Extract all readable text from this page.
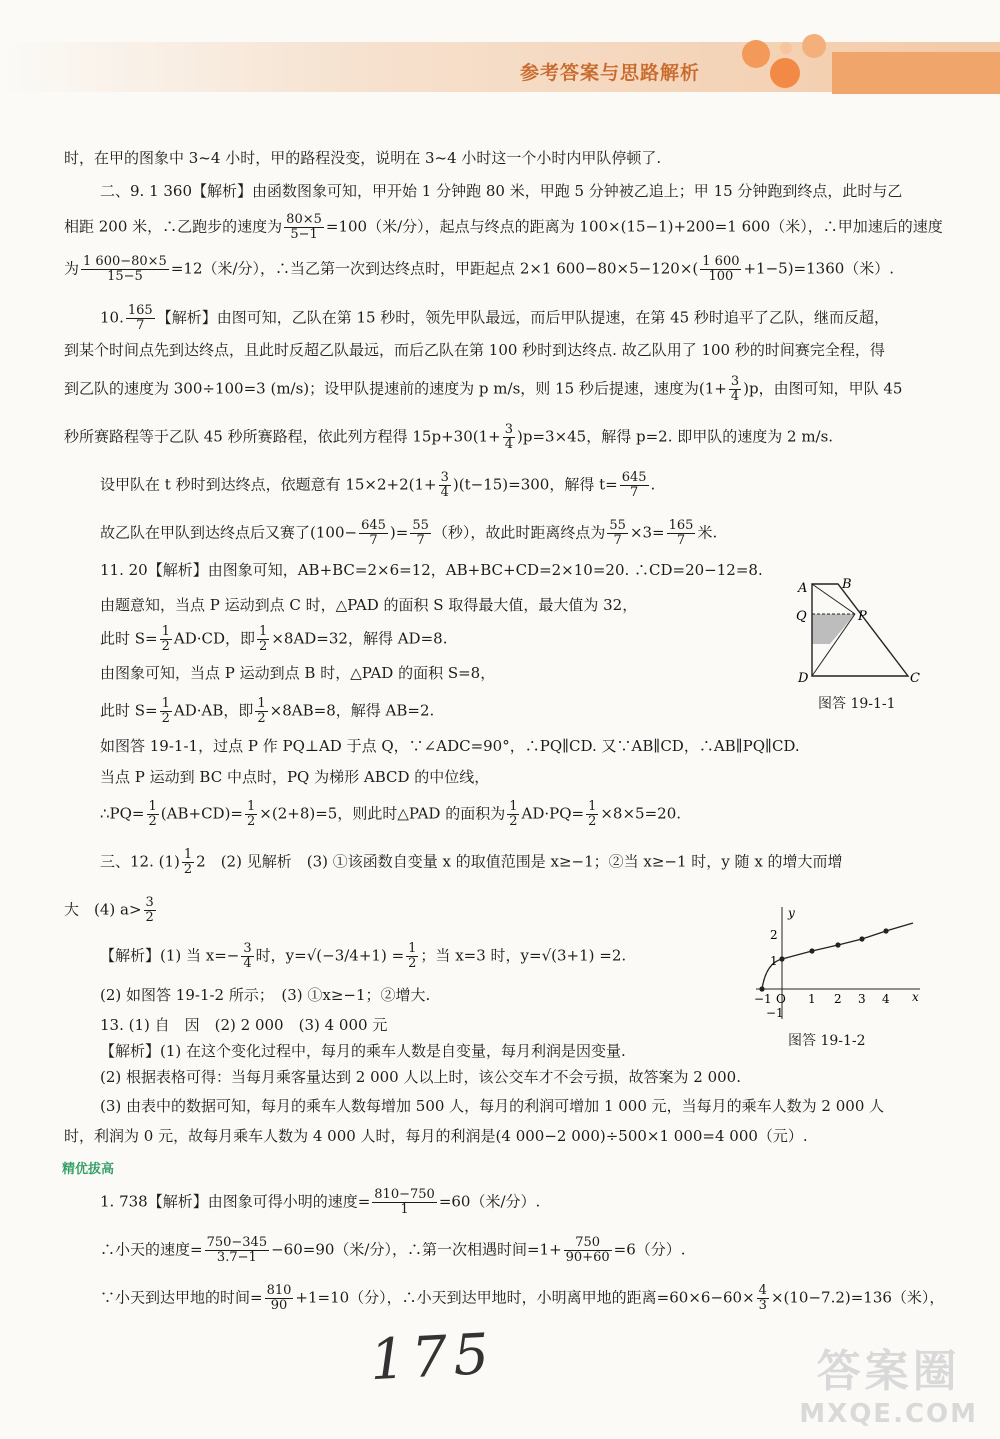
参考答案与思路解析
时，在甲的图象中 3~4 小时，甲的路程没变，说明在 3~4 小时这一个小时内甲队停顿了.
二、9. 1 360【解析】由函数图象可知，甲开始 1 分钟跑 80 米，甲跑 5 分钟被乙追上；甲 15 分钟跑到终点，此时与乙
相距 200 米，∴乙跑步的速度为 $\frac{80\times 5}{5-1} =100$（米/分），起点与终点的距离为 100×(15−1)+200=1 600（米），∴甲加速后的速度
为 $\frac{1 600-80\times 5}{15-5} =12$（米/分），∴当乙第一次到达终点时，甲距起点 2×1 $600-80\times 5-120\times( \frac{1 600}{100} +1-5)=1360$（米）.
10. $\frac{165}{7}$ 【解析】由图可知，乙队在第 15 秒时，领先甲队最远，而后甲队提速，在第 45 秒时追平了乙队，继而反超，
到某个时间点先到达终点，且此时反超乙队最远，而后乙队在第 100 秒时到达终点. 故乙队用了 100 秒的时间赛完全程，得
到乙队的速度为 300÷100=3 (m/s)；设甲队提速前的速度为 p m/s，则 15 秒后提速，速度为$(1+ \frac{3}{4} )p$，由图可知，甲队 45
秒所赛路程等于乙队 45 秒所赛路程，依此列方程得 $15p+30(1+ \frac{3}{4} )p=3\times 45$，解得 p=2. 即甲队的速度为 2 m/s.
设甲队在 t 秒时到达终点，依题意有 $15\times 2+2(1+ \frac{3}{4} )(t-15)=300$，解得 $t= \frac{645}{7}$ .
故乙队在甲队到达终点后又赛了($100- \frac{645}{7}$ )= $\frac{55}{7}$ （秒），故此时距离终点为 $\frac{55}{7} \times 3= \frac{165}{7}$ 米.
11. 20【解析】由图象可知，AB+BC=2×6=12，AB+BC+CD=2×10=20. ∴CD=20−12=8.
由题意知，当点 P 运动到点 C 时，△PAD 的面积 S 取得最大值，最大值为 32，
此时 $S= \frac{1}{2} AD\cdot CD$，即 $\frac{1}{2} \times 8AD=32$，解得 AD=8.
由图象可知，当点 P 运动到点 B 时，△PAD 的面积 S=8，
此时 $S= \frac{1}{2} AD\cdot AB$，即 $\frac{1}{2} \times 8AB=8$，解得 AB=2.
如图答 19-1-1，过点 P 作 PQ⊥AD 于点 Q，∵∠ADC=90°，∴PQ∥CD. 又∵AB∥CD，∴AB∥PQ∥CD.
当点 P 运动到 BC 中点时，PQ 为梯形 ABCD 的中位线，
∴PQ= $\frac{1}{2} (AB+CD)= \frac{1}{2} \times(2+8)=5$，则此时△PAD 的面积为 $\frac{1}{2} AD\cdot PQ= \frac{1}{2} \times 8\times 5=20$.
三、12. $(1) \frac{1}{2} 2$　(2) 见解析　(3) ①该函数自变量 x 的取值范围是 x≥−1；②当 x≥−1 时，y 随 x 的增大而增
大　(4) $a> \frac{3}{2}$
【解析】(1) 当 $x=- \frac{3}{4}$ 时，$y=√(-3/4+1) = \frac{1}{2}$ ；当 x=3 时，y=√(3+1) =2.
(2) 如图答 19-1-2 所示；　(3) ①x≥−1；②增大.
13. (1) 自　因　(2) 2 000　(3) 4 000 元
【解析】(1) 在这个变化过程中，每月的乘车人数是自变量，每月利润是因变量.
(2) 根据表格可得：当每月乘客量达到 2 000 人以上时，该公交车才不会亏损，故答案为 2 000.
(3) 由表中的数据可知，每月的乘车人数每增加 500 人，每月的利润可增加 1 000 元，当每月的乘车人数为 2 000 人
时，利润为 0 元，故每月乘车人数为 4 000 人时，每月的利润是(4 000−2 000)÷500×1 000=4 000（元）.
精优拔高
1. 738【解析】由图象可得小明的速度= $\frac{810-750}{1} =60$（米/分）.
∴小天的速度= $\frac{750-345}{3.7-1} -60=90$（米/分），∴第一次相遇时间$=1+ \frac{750}{90+60} =6$（分）.
∵小天到达甲地的时间= $\frac{810}{90} +1=10$（分），∴小天到达甲地时，小明离甲地的距离$=60\times 6-60\times \frac{4}{3} \times(10-7.2)=136$（米），
A	B
Q	P
D	C
图答 19-1-1
y
x
−1 O 1 2 3 4
2
1
−1
图答 19-1-2
175	答案圈
MXQE.COM
